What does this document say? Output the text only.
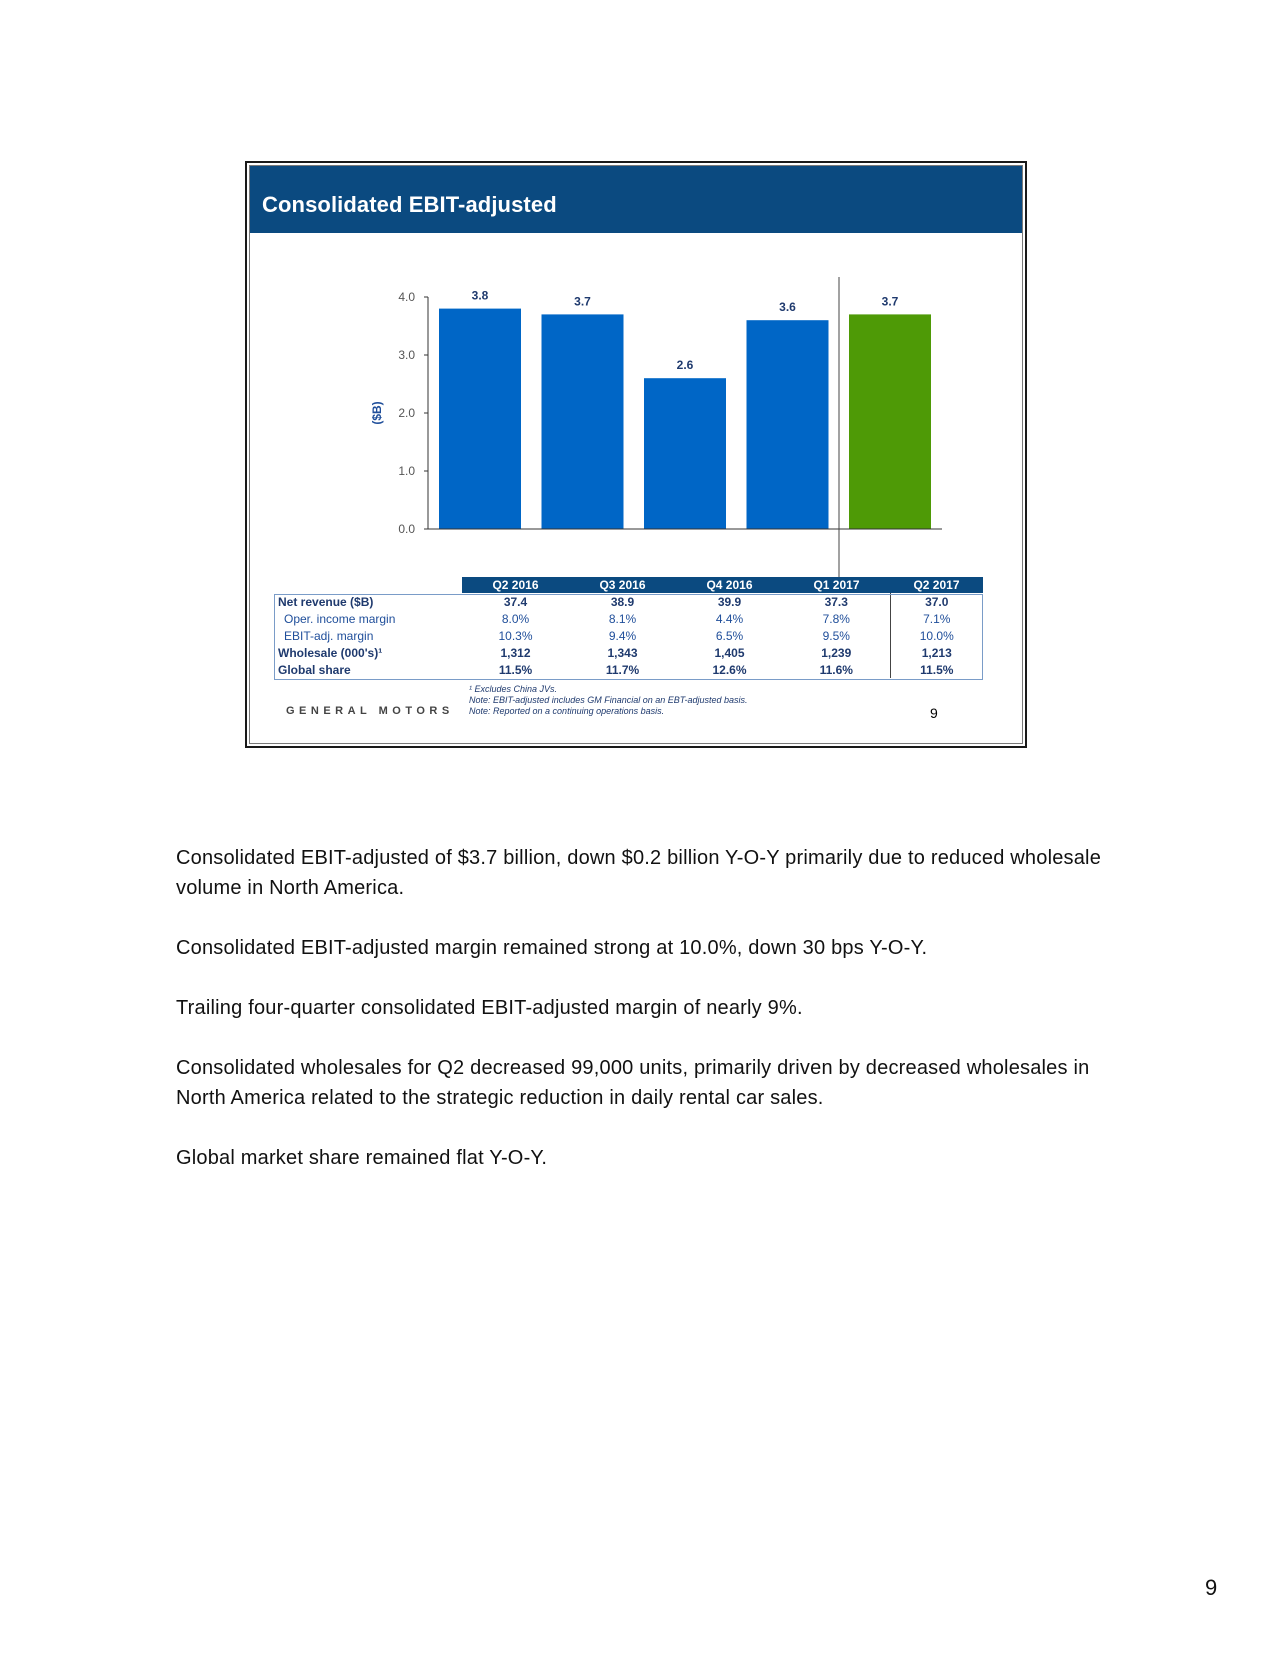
Consolidated EBIT-adjusted
0.0
1.0
2.0
3.0
4.0
($B)
3.8	3.7
2.6
3.6	3.7
	Q2 2016	Q3 2016	Q4 2016	Q1 2017	Q2 2017
Net revenue ($B)	37.4	38.9	39.9	37.3	37.0
Oper. income margin	8.0%	8.1%	4.4%	7.8%	7.1%
EBIT-adj. margin	10.3%	9.4%	6.5%	9.5%	10.0%
Wholesale (000's)¹	1,312	1,343	1,405	1,239	1,213
Global share	11.5%	11.7%	12.6%	11.6%	11.5%
¹ Excludes China JVs.
Note: EBIT-adjusted includes GM Financial on an EBT-adjusted basis.
Note: Reported on a continuing operations basis.
GENERAL MOTORS	9

Consolidated EBIT-adjusted of $3.7 billion, down $0.2 billion Y-O-Y primarily due to reduced wholesale volume in North America.

Consolidated EBIT-adjusted margin remained strong at 10.0%, down 30 bps Y-O-Y.

Trailing four-quarter consolidated EBIT-adjusted margin of nearly 9%.

Consolidated wholesales for Q2 decreased 99,000 units, primarily driven by decreased wholesales in North America related to the strategic reduction in daily rental car sales.

Global market share remained flat Y-O-Y.

9
